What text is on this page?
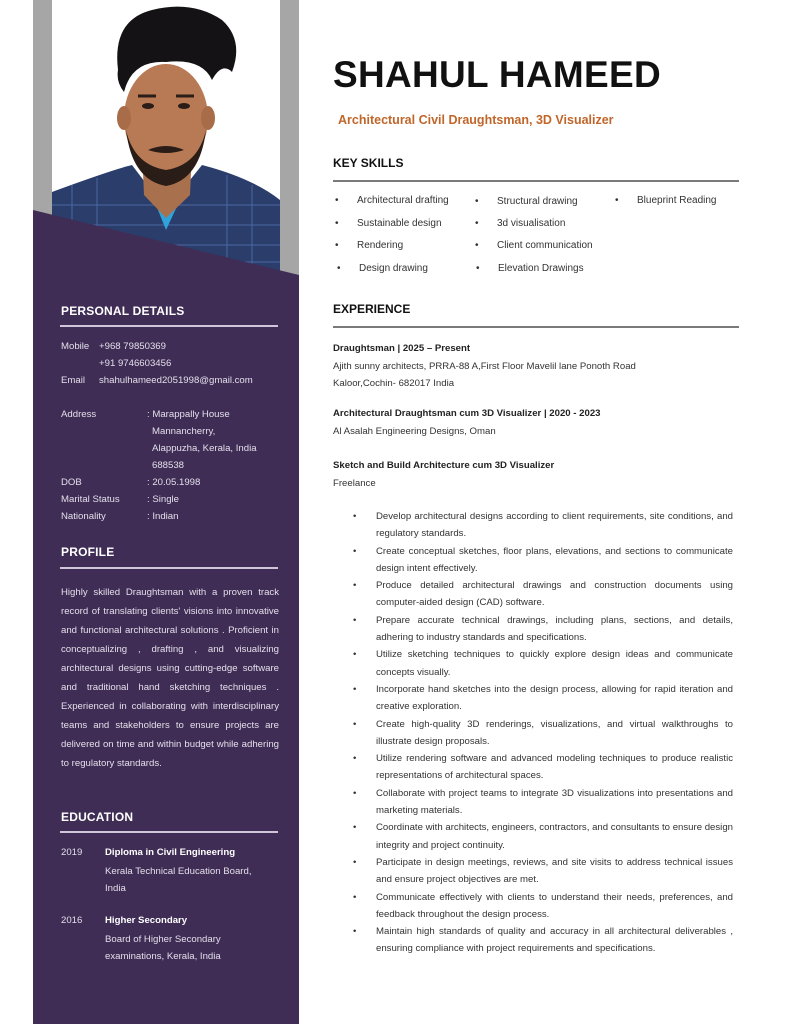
PERSONAL DETAILS
Mobile +968 79850369
+91 9746603456
Email shahulhameed2051998@gmail.com
Address	: Marappally House
Mannancherry,
Alappuzha, Kerala, India
688538
DOB	: 20.05.1998
Marital Status	: Single
Nationality	: Indian
PROFILE
Highly skilled Draughtsman with a proven track record of translating clients' visions into innovative and functional architectural solutions . Proficient in conceptualizing , drafting , and visualizing architectural designs using cutting-edge software and traditional hand sketching techniques . Experienced in collaborating with interdisciplinary teams and stakeholders to ensure projects are delivered on time and within budget while adhering to regulatory standards.
EDUCATION
2019 Diploma in Civil Engineering
Kerala Technical Education Board,
India
2016 Higher Secondary
Board of Higher Secondary
examinations, Kerala, India
SHAHUL HAMEED
Architectural Civil Draughtsman, 3D Visualizer
KEY SKILLS
• Architectural drafting	• Structural drawing	• Blueprint Reading
• Sustainable design	• 3d visualisation
• Rendering	• Client communication
• Design drawing	• Elevation Drawings
EXPERIENCE
Draughtsman | 2025 – Present
Ajith sunny architects, PRRA-88 A,First Floor Mavelil lane Ponoth Road
Kaloor,Cochin- 682017 India
Architectural Draughtsman cum 3D Visualizer | 2020 - 2023
Al Asalah Engineering Designs, Oman
Sketch and Build Architecture cum 3D Visualizer
Freelance
• Develop architectural designs according to client requirements, site conditions, and regulatory standards.
• Create conceptual sketches, floor plans, elevations, and sections to communicate design intent effectively.
• Produce detailed architectural drawings and construction documents using computer-aided design (CAD) software.
• Prepare accurate technical drawings, including plans, sections, and details, adhering to industry standards and specifications.
• Utilize sketching techniques to quickly explore design ideas and communicate concepts visually.
• Incorporate hand sketches into the design process, allowing for rapid iteration and creative exploration.
• Create high-quality 3D renderings, visualizations, and virtual walkthroughs to illustrate design proposals.
• Utilize rendering software and advanced modeling techniques to produce realistic representations of architectural spaces.
• Collaborate with project teams to integrate 3D visualizations into presentations and marketing materials.
• Coordinate with architects, engineers, contractors, and consultants to ensure design integrity and project continuity.
• Participate in design meetings, reviews, and site visits to address technical issues and ensure project objectives are met.
• Communicate effectively with clients to understand their needs, preferences, and feedback throughout the design process.
• Maintain high standards of quality and accuracy in all architectural deliverables , ensuring compliance with project requirements and specifications.
